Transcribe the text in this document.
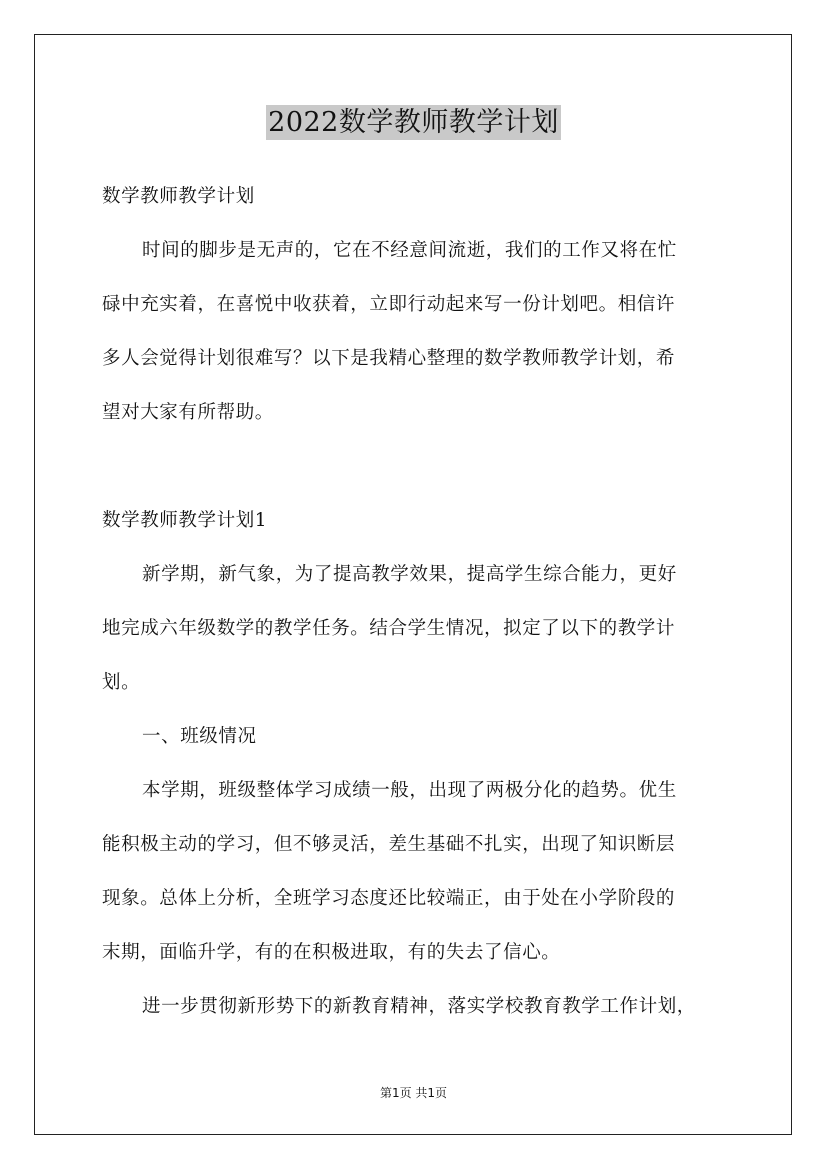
2022数学教师教学计划
数学教师教学计划
时间的脚步是无声的，它在不经意间流逝，我们的工作又将在忙
碌中充实着，在喜悦中收获着，立即行动起来写一份计划吧。相信许
多人会觉得计划很难写？以下是我精心整理的数学教师教学计划，希
望对大家有所帮助。
数学教师教学计划1
新学期，新气象，为了提高教学效果，提高学生综合能力，更好
地完成六年级数学的教学任务。结合学生情况，拟定了以下的教学计
划。
一、班级情况
本学期，班级整体学习成绩一般，出现了两极分化的趋势。优生
能积极主动的学习，但不够灵活，差生基础不扎实，出现了知识断层
现象。总体上分析，全班学习态度还比较端正，由于处在小学阶段的
末期，面临升学，有的在积极进取，有的失去了信心。
进一步贯彻新形势下的新教育精神，落实学校教育教学工作计划，
第1页 共1页
